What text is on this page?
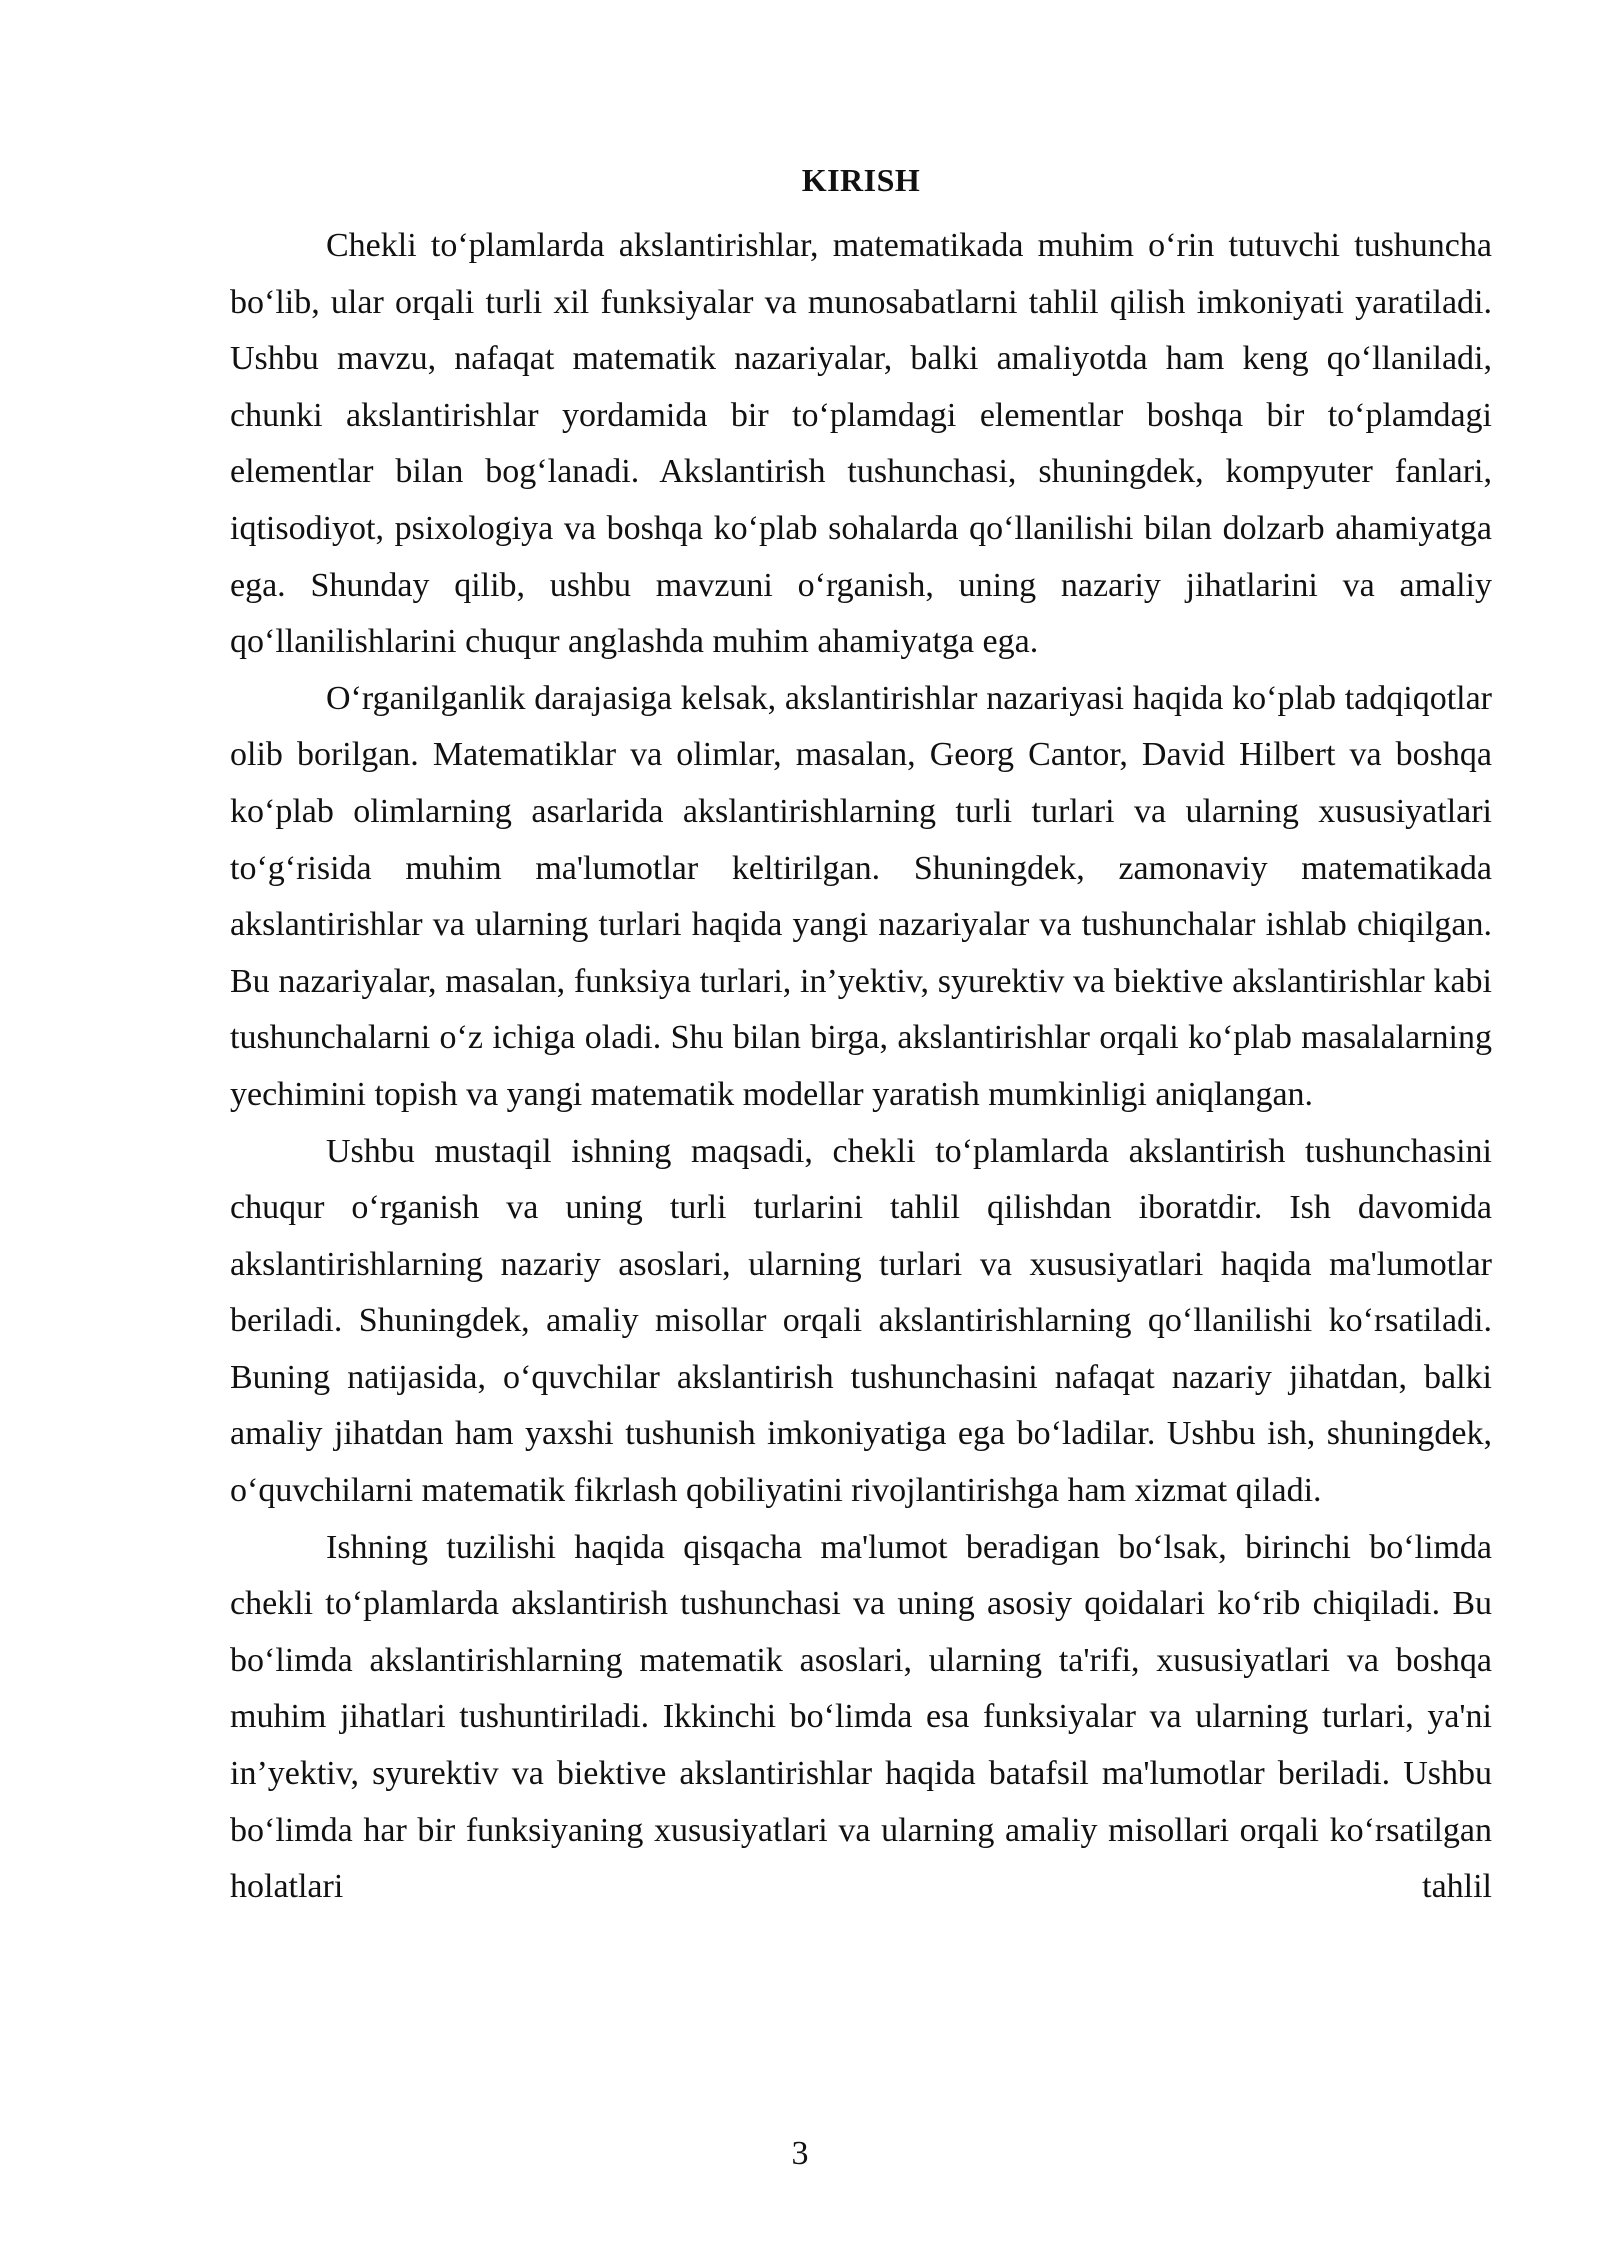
KIRISH

Chekli to‘plamlarda akslantirishlar, matematikada muhim o‘rin tutuvchi tushuncha bo‘lib, ular orqali turli xil funksiyalar va munosabatlarni tahlil qilish imkoniyati yaratiladi. Ushbu mavzu, nafaqat matematik nazariyalar, balki amaliyotda ham keng qo‘llaniladi, chunki akslantirishlar yordamida bir to‘plamdagi elementlar boshqa bir to‘plamdagi elementlar bilan bog‘lanadi. Akslantirish tushunchasi, shuningdek, kompyuter fanlari, iqtisodiyot, psixologiya va boshqa ko‘plab sohalarda qo‘llanilishi bilan dolzarb ahamiyatga ega. Shunday qilib, ushbu mavzuni o‘rganish, uning nazariy jihatlarini va amaliy qo‘llanilishlarini chuqur anglashda muhim ahamiyatga ega.

O‘rganilganlik darajasiga kelsak, akslantirishlar nazariyasi haqida ko‘plab tadqiqotlar olib borilgan. Matematiklar va olimlar, masalan, Georg Cantor, David Hilbert va boshqa ko‘plab olimlarning asarlarida akslantirishlarning turli turlari va ularning xususiyatlari to‘g‘risida muhim ma'lumotlar keltirilgan. Shuningdek, zamonaviy matematikada akslantirishlar va ularning turlari haqida yangi nazariyalar va tushunchalar ishlab chiqilgan. Bu nazariyalar, masalan, funksiya turlari, in’yektiv, syurektiv va biektive akslantirishlar kabi tushunchalarni o‘z ichiga oladi. Shu bilan birga, akslantirishlar orqali ko‘plab masalalarning yechimini topish va yangi matematik modellar yaratish mumkinligi aniqlangan.

Ushbu mustaqil ishning maqsadi, chekli to‘plamlarda akslantirish tushunchasini chuqur o‘rganish va uning turli turlarini tahlil qilishdan iboratdir. Ish davomida akslantirishlarning nazariy asoslari, ularning turlari va xususiyatlari haqida ma'lumotlar beriladi. Shuningdek, amaliy misollar orqali akslantirishlarning qo‘llanilishi ko‘rsatiladi. Buning natijasida, o‘quvchilar akslantirish tushunchasini nafaqat nazariy jihatdan, balki amaliy jihatdan ham yaxshi tushunish imkoniyatiga ega bo‘ladilar. Ushbu ish, shuningdek, o‘quvchilarni matematik fikrlash qobiliyatini rivojlantirishga ham xizmat qiladi.

Ishning tuzilishi haqida qisqacha ma'lumot beradigan bo‘lsak, birinchi bo‘limda chekli to‘plamlarda akslantirish tushunchasi va uning asosiy qoidalari ko‘rib chiqiladi. Bu bo‘limda akslantirishlarning matematik asoslari, ularning ta'rifi, xususiyatlari va boshqa muhim jihatlari tushuntiriladi. Ikkinchi bo‘limda esa funksiyalar va ularning turlari, ya'ni in’yektiv, syurektiv va biektive akslantirishlar haqida batafsil ma'lumotlar beriladi. Ushbu bo‘limda har bir funksiyaning xususiyatlari va ularning amaliy misollari orqali ko‘rsatilgan holatlari tahlil

3
